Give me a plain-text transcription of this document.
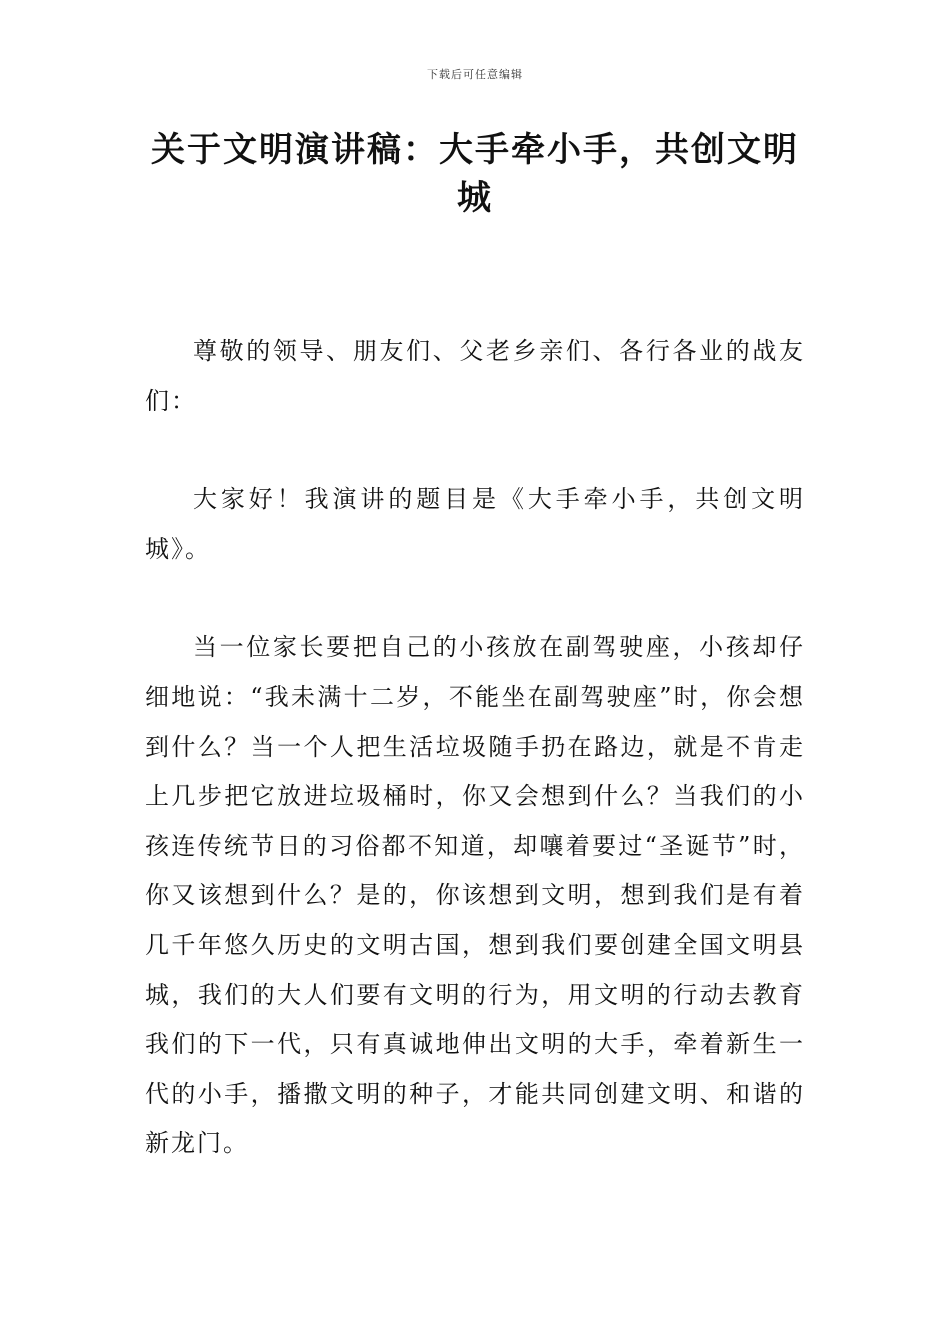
下载后可任意编辑
关于文明演讲稿：大手牵小手，共创文明城

尊敬的领导、朋友们、父老乡亲们、各行各业的战友们：

大家好！我演讲的题目是《大手牵小手，共创文明城》。

当一位家长要把自己的小孩放在副驾驶座，小孩却仔细地说：“我未满十二岁，不能坐在副驾驶座”时，你会想到什么？当一个人把生活垃圾随手扔在路边，就是不肯走上几步把它放进垃圾桶时，你又会想到什么？当我们的小孩连传统节日的习俗都不知道，却嚷着要过“圣诞节”时，你又该想到什么？是的，你该想到文明，想到我们是有着几千年悠久历史的文明古国，想到我们要创建全国文明县城，我们的大人们要有文明的行为，用文明的行动去教育我们的下一代，只有真诚地伸出文明的大手，牵着新生一代的小手，播撒文明的种子，才能共同创建文明、和谐的新龙门。
